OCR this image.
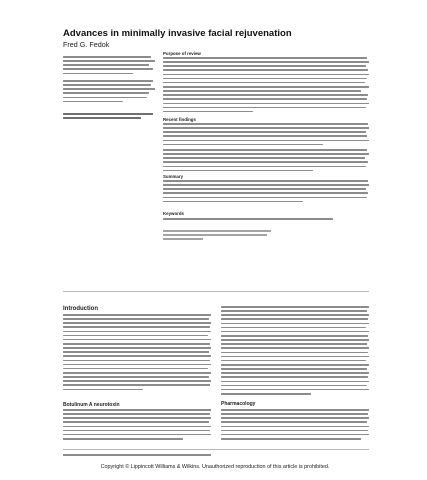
Advances in minimally invasive facial rejuvenation
Fred G. Fedok
Purpose of review
Recent findings
Summary
Keywords
Introduction
Botulinum A neurotoxin	Pharmacology
Copyright © Lippincott Williams & Wilkins. Unauthorized reproduction of this article is prohibited.
